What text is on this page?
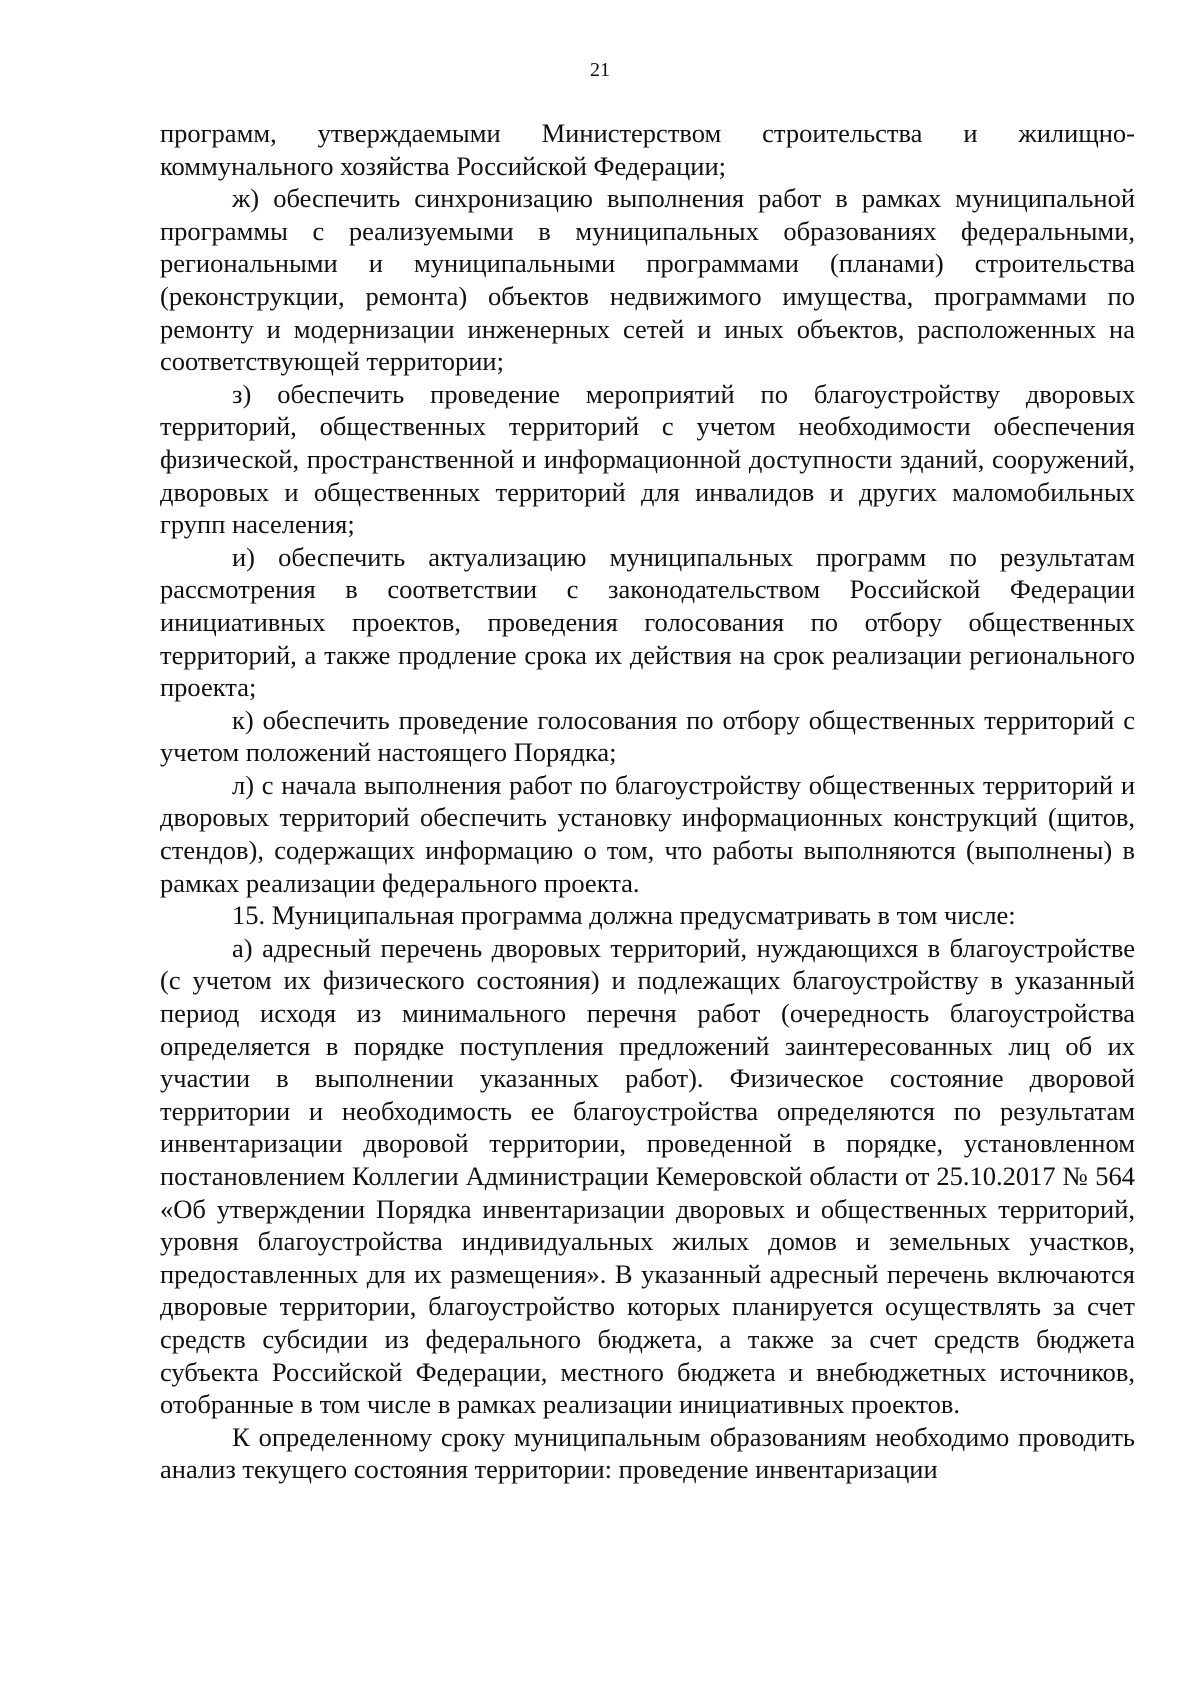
21

программ, утверждаемыми Министерством строительства и жилищно-коммунального хозяйства Российской Федерации;

ж) обеспечить синхронизацию выполнения работ в рамках муниципальной программы с реализуемыми в муниципальных образованиях федеральными, региональными и муниципальными программами (планами) строительства (реконструкции, ремонта) объектов недвижимого имущества, программами по ремонту и модернизации инженерных сетей и иных объектов, расположенных на соответствующей территории;

з) обеспечить проведение мероприятий по благоустройству дворовых территорий, общественных территорий с учетом необходимости обеспечения физической, пространственной и информационной доступности зданий, сооружений, дворовых и общественных территорий для инвалидов и других маломобильных групп населения;

и) обеспечить актуализацию муниципальных программ по результатам рассмотрения в соответствии с законодательством Российской Федерации инициативных проектов, проведения голосования по отбору общественных территорий, а также продление срока их действия на срок реализации регионального проекта;

к) обеспечить проведение голосования по отбору общественных территорий с учетом положений настоящего Порядка;

л) с начала выполнения работ по благоустройству общественных территорий и дворовых территорий обеспечить установку информационных конструкций (щитов, стендов), содержащих информацию о том, что работы выполняются (выполнены) в рамках реализации федерального проекта.

15. Муниципальная программа должна предусматривать в том числе:

а) адресный перечень дворовых территорий, нуждающихся в благоустройстве (с учетом их физического состояния) и подлежащих благоустройству в указанный период исходя из минимального перечня работ (очередность благоустройства определяется в порядке поступления предложений заинтересованных лиц об их участии в выполнении указанных работ). Физическое состояние дворовой территории и необходимость ее благоустройства определяются по результатам инвентаризации дворовой территории, проведенной в порядке, установленном постановлением Коллегии Администрации Кемеровской области от 25.10.2017 № 564 «Об утверждении Порядка инвентаризации дворовых и общественных территорий, уровня благоустройства индивидуальных жилых домов и земельных участков, предоставленных для их размещения». В указанный адресный перечень включаются дворовые территории, благоустройство которых планируется осуществлять за счет средств субсидии из федерального бюджета, а также за счет средств бюджета субъекта Российской Федерации, местного бюджета и внебюджетных источников, отобранные в том числе в рамках реализации инициативных проектов.

К определенному сроку муниципальным образованиям необходимо проводить анализ текущего состояния территории: проведение инвентаризации
